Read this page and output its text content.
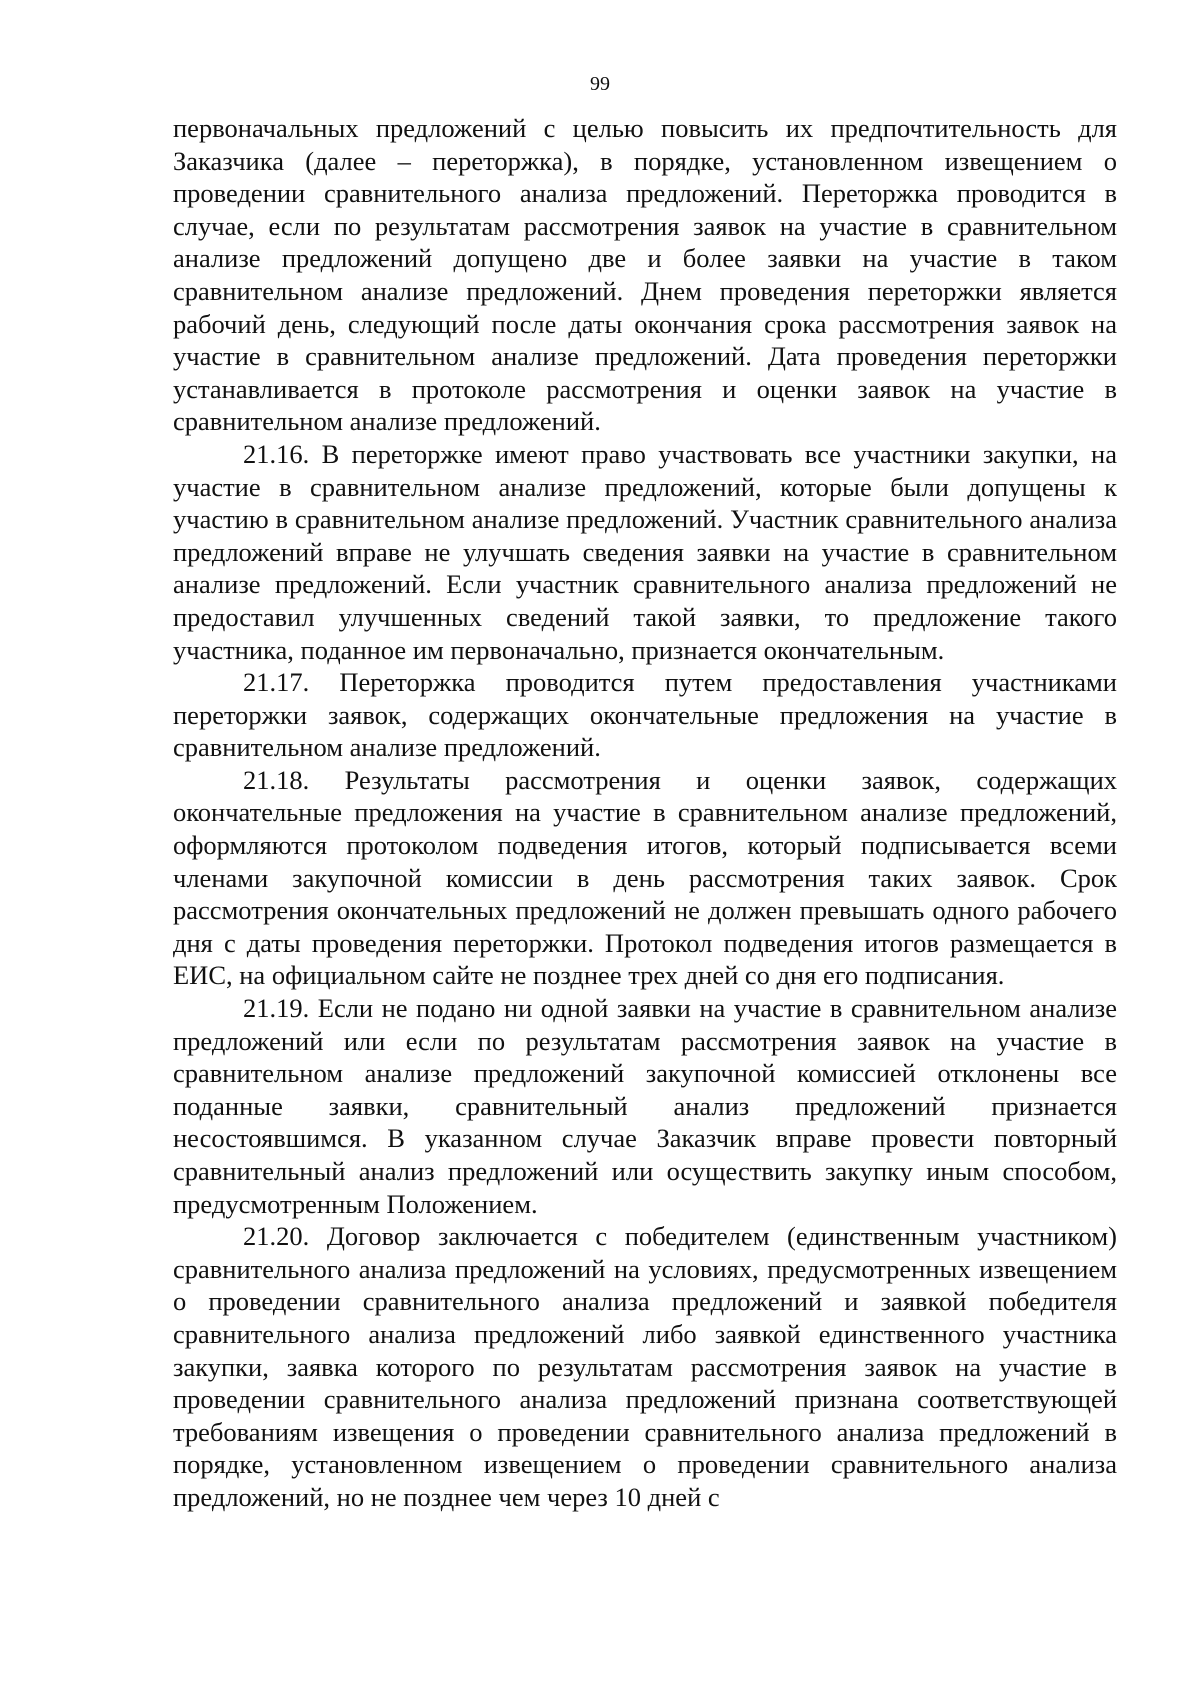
99

первоначальных предложений с целью повысить их предпочтительность для Заказчика (далее – переторжка), в порядке, установленном извещением о проведении сравнительного анализа предложений. Переторжка проводится в случае, если по результатам рассмотрения заявок на участие в сравнительном анализе предложений допущено две и более заявки на участие в таком сравнительном анализе предложений. Днем проведения переторжки является рабочий день, следующий после даты окончания срока рассмотрения заявок на участие в сравнительном анализе предложений. Дата проведения переторжки устанавливается в протоколе рассмотрения и оценки заявок на участие в сравнительном анализе предложений.

21.16. В переторжке имеют право участвовать все участники закупки, на участие в сравнительном анализе предложений, которые были допущены к участию в сравнительном анализе предложений. Участник сравнительного анализа предложений вправе не улучшать сведения заявки на участие в сравнительном анализе предложений. Если участник сравнительного анализа предложений не предоставил улучшенных сведений такой заявки, то предложение такого участника, поданное им первоначально, признается окончательным.

21.17. Переторжка проводится путем предоставления участниками переторжки заявок, содержащих окончательные предложения на участие в сравнительном анализе предложений.

21.18. Результаты рассмотрения и оценки заявок, содержащих окончательные предложения на участие в сравнительном анализе предложений, оформляются протоколом подведения итогов, который подписывается всеми членами закупочной комиссии в день рассмотрения таких заявок. Срок рассмотрения окончательных предложений не должен превышать одного рабочего дня с даты проведения переторжки. Протокол подведения итогов размещается в ЕИС, на официальном сайте не позднее трех дней со дня его подписания.

21.19. Если не подано ни одной заявки на участие в сравнительном анализе предложений или если по результатам рассмотрения заявок на участие в сравнительном анализе предложений закупочной комиссией отклонены все поданные заявки, сравнительный анализ предложений признается несостоявшимся. В указанном случае Заказчик вправе провести повторный сравнительный анализ предложений или осуществить закупку иным способом, предусмотренным Положением.

21.20. Договор заключается с победителем (единственным участником) сравнительного анализа предложений на условиях, предусмотренных извещением о проведении сравнительного анализа предложений и заявкой победителя сравнительного анализа предложений либо заявкой единственного участника закупки, заявка которого по результатам рассмотрения заявок на участие в проведении сравнительного анализа предложений признана соответствующей требованиям извещения о проведении сравнительного анализа предложений в порядке, установленном извещением о проведении сравнительного анализа предложений, но не позднее чем через 10 дней с
